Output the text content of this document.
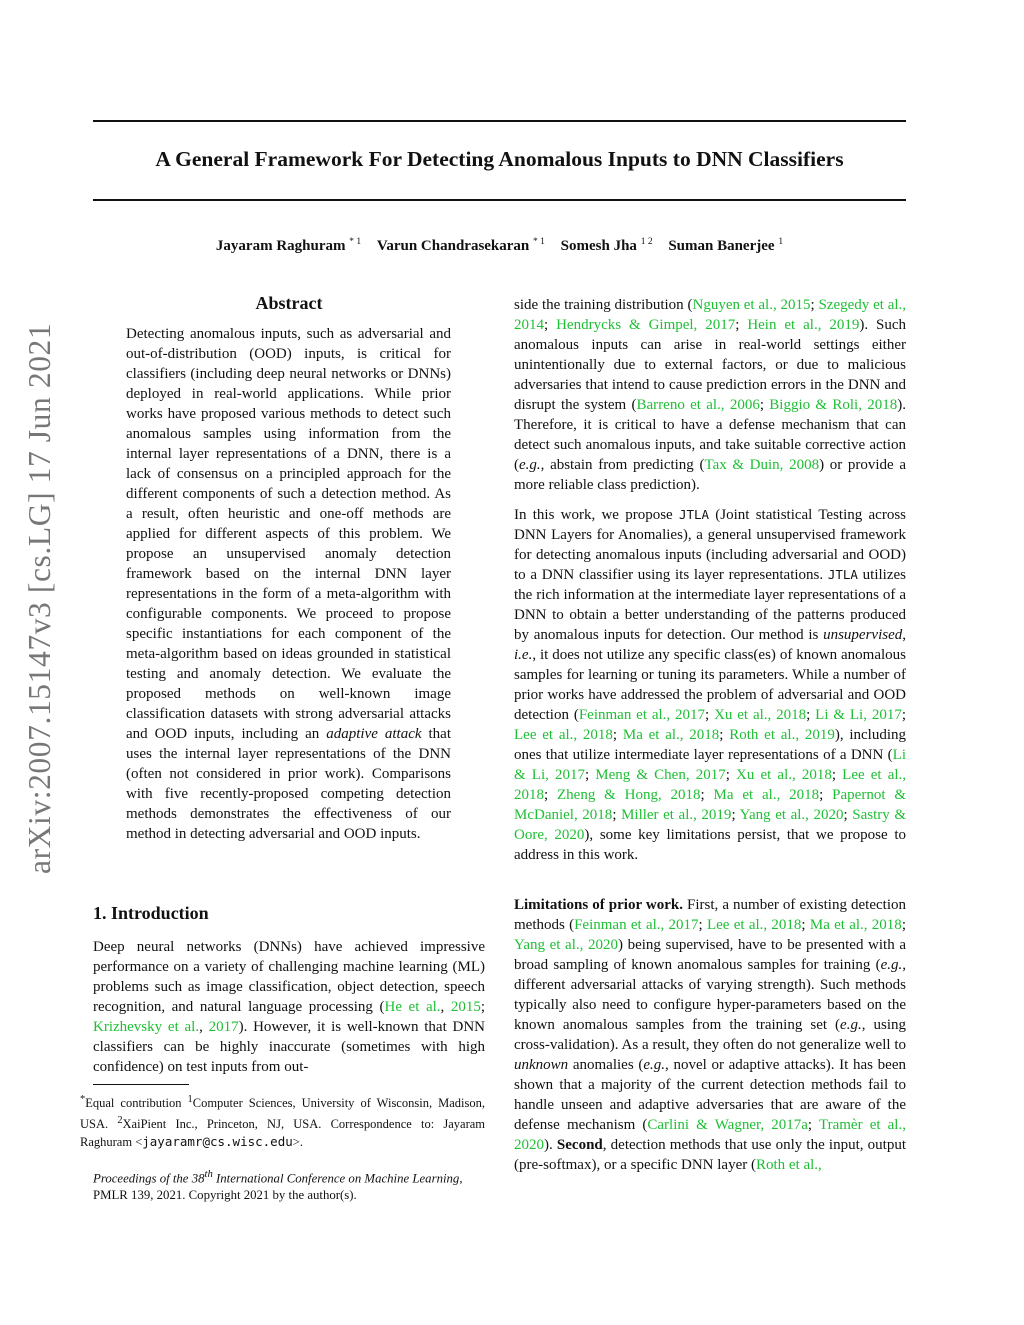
A General Framework For Detecting Anomalous Inputs to DNN Classifiers
Jayaram Raghuram $^{* 1}$ Varun Chandrasekaran $^{* 1}$ Somesh Jha $^{1 2}$ Suman Banerjee $^1$
arXiv:2007.15147v3 [cs.LG] 17 Jun 2021
Abstract
Detecting anomalous inputs, such as adversarial and out-of-distribution (OOD) inputs, is critical for classifiers (including deep neural networks or DNNs) deployed in real-world applications. While prior works have proposed various methods to detect such anomalous samples using information from the internal layer representations of a DNN, there is a lack of consensus on a principled approach for the different components of such a detection method. As a result, often heuristic and one-off methods are applied for different aspects of this problem. We propose an unsupervised anomaly detection framework based on the internal DNN layer representations in the form of a meta-algorithm with configurable components. We proceed to propose specific instantiations for each component of the meta-algorithm based on ideas grounded in statistical testing and anomaly detection. We evaluate the proposed methods on well-known image classification datasets with strong adversarial attacks and OOD inputs, including an adaptive attack that uses the internal layer representations of the DNN (often not considered in prior work). Comparisons with five recently-proposed competing detection methods demonstrates the effectiveness of our method in detecting adversarial and OOD inputs.
1. Introduction
Deep neural networks (DNNs) have achieved impressive performance on a variety of challenging machine learning (ML) problems such as image classification, object detection, speech recognition, and natural language processing (He et al., 2015; Krizhevsky et al., 2017). However, it is well-known that DNN classifiers can be highly inaccurate (sometimes with high confidence) on test inputs from out-
*Equal contribution $^1$Computer Sciences, University of Wisconsin, Madison, USA. $^2$XaiPient Inc., Princeton, NJ, USA. Correspondence to: Jayaram Raghuram <jayaramr@cs.wisc.edu>.
Proceedings of the 38th International Conference on Machine Learning, PMLR 139, 2021. Copyright 2021 by the author(s).
side the training distribution (Nguyen et al., 2015; Szegedy et al., 2014; Hendrycks & Gimpel, 2017; Hein et al., 2019). Such anomalous inputs can arise in real-world settings either unintentionally due to external factors, or due to malicious adversaries that intend to cause prediction errors in the DNN and disrupt the system (Barreno et al., 2006; Biggio & Roli, 2018). Therefore, it is critical to have a defense mechanism that can detect such anomalous inputs, and take suitable corrective action (e.g., abstain from predicting (Tax & Duin, 2008) or provide a more reliable class prediction).
In this work, we propose JTLA (Joint statistical Testing across DNN Layers for Anomalies), a general unsupervised framework for detecting anomalous inputs (including adversarial and OOD) to a DNN classifier using its layer representations. JTLA utilizes the rich information at the intermediate layer representations of a DNN to obtain a better understanding of the patterns produced by anomalous inputs for detection. Our method is unsupervised, i.e., it does not utilize any specific class(es) of known anomalous samples for learning or tuning its parameters. While a number of prior works have addressed the problem of adversarial and OOD detection (Feinman et al., 2017; Xu et al., 2018; Li & Li, 2017; Lee et al., 2018; Ma et al., 2018; Roth et al., 2019), including ones that utilize intermediate layer representations of a DNN (Li & Li, 2017; Meng & Chen, 2017; Xu et al., 2018; Lee et al., 2018; Zheng & Hong, 2018; Ma et al., 2018; Papernot & McDaniel, 2018; Miller et al., 2019; Yang et al., 2020; Sastry & Oore, 2020), some key limitations persist, that we propose to address in this work.
Limitations of prior work. First, a number of existing detection methods (Feinman et al., 2017; Lee et al., 2018; Ma et al., 2018; Yang et al., 2020) being supervised, have to be presented with a broad sampling of known anomalous samples for training (e.g., different adversarial attacks of varying strength). Such methods typically also need to configure hyper-parameters based on the known anomalous samples from the training set (e.g., using cross-validation). As a result, they often do not generalize well to unknown anomalies (e.g., novel or adaptive attacks). It has been shown that a majority of the current detection methods fail to handle unseen and adaptive adversaries that are aware of the defense mechanism (Carlini & Wagner, 2017a; Tramèr et al., 2020). Second, detection methods that use only the input, output (pre-softmax), or a specific DNN layer (Roth et al.,
